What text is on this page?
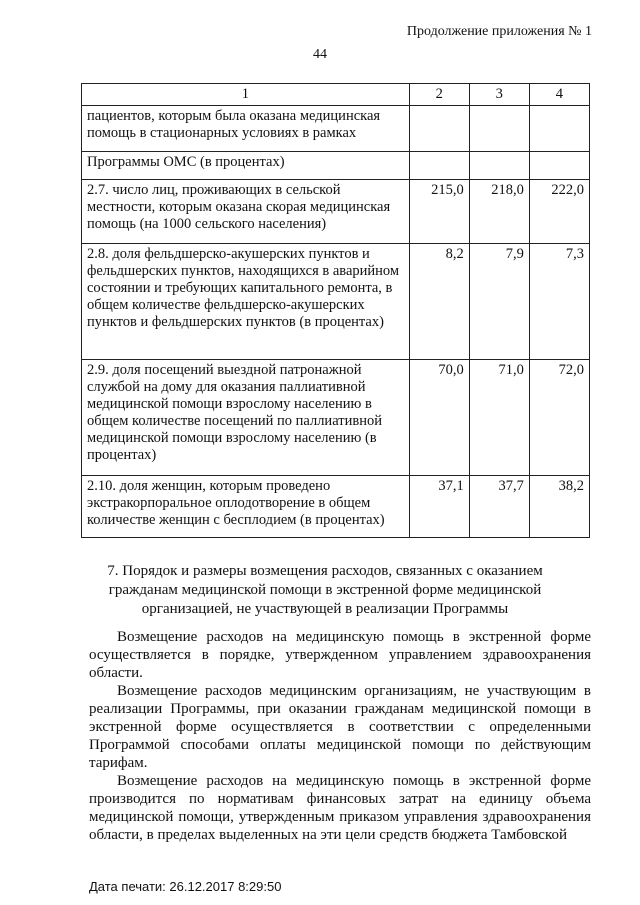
Продолжение приложения № 1
44
1	2	3	4
пациентов, которым была оказана медицинская помощь в стационарных условиях в рамках			
Программы ОМС (в процентах)			
2.7. число лиц, проживающих в сельской местности, которым оказана скорая медицинская помощь (на 1000 сельского населения)	215,0	218,0	222,0
2.8. доля фельдшерско-акушерских пунктов и фельдшерских пунктов, находящихся в аварийном состоянии и требующих капитального ремонта, в общем количестве фельдшерско-акушерских пунктов и фельдшерских пунктов (в процентах)	8,2	7,9	7,3
2.9. доля посещений выездной патронажной службой на дому для оказания паллиативной медицинской помощи взрослому населению в общем количестве посещений по паллиативной медицинской помощи взрослому населению (в процентах)	70,0	71,0	72,0
2.10. доля женщин, которым проведено экстракорпоральное оплодотворение в общем количестве женщин с бесплодием (в процентах)	37,1	37,7	38,2
7. Порядок и размеры возмещения расходов, связанных с оказанием гражданам медицинской помощи в экстренной форме медицинской организацией, не участвующей в реализации Программы

Возмещение расходов на медицинскую помощь в экстренной форме осуществляется в порядке, утвержденном управлением здравоохранения области.

Возмещение расходов медицинским организациям, не участвующим в реализации Программы, при оказании гражданам медицинской помощи в экстренной форме осуществляется в соответствии с определенными Программой способами оплаты медицинской помощи по действующим тарифам.

Возмещение расходов на медицинскую помощь в экстренной форме производится по нормативам финансовых затрат на единицу объема медицинской помощи, утвержденным приказом управления здравоохранения области, в пределах выделенных на эти цели средств бюджета Тамбовской

Дата печати: 26.12.2017 8:29:50
